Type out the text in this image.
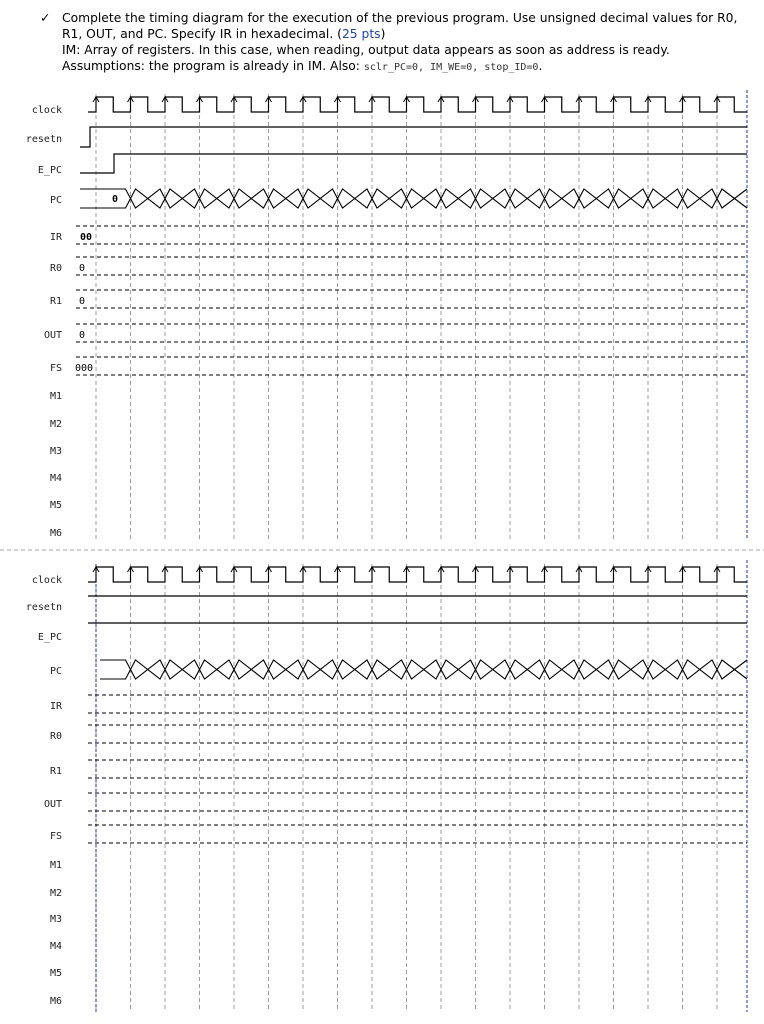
✓ Complete the timing diagram for the execution of the previous program. Use unsigned decimal values for R0, R1, OUT, and PC. Specify IR in hexadecimal. (25 pts)
IM: Array of registers. In this case, when reading, output data appears as soon as address is ready.
Assumptions: the program is already in IM. Also: sclr_PC=0, IM_WE=0, stop_ID=0.
clock
resetn
E_PC
PC
IR
R0
R1
OUT
FS
M1
M2
M3
M4
M5
M6
0
00
0
0
0
000
clock
resetn
E_PC
PC
IR
R0
R1
OUT
FS
M1
M2
M3
M4
M5
M6
